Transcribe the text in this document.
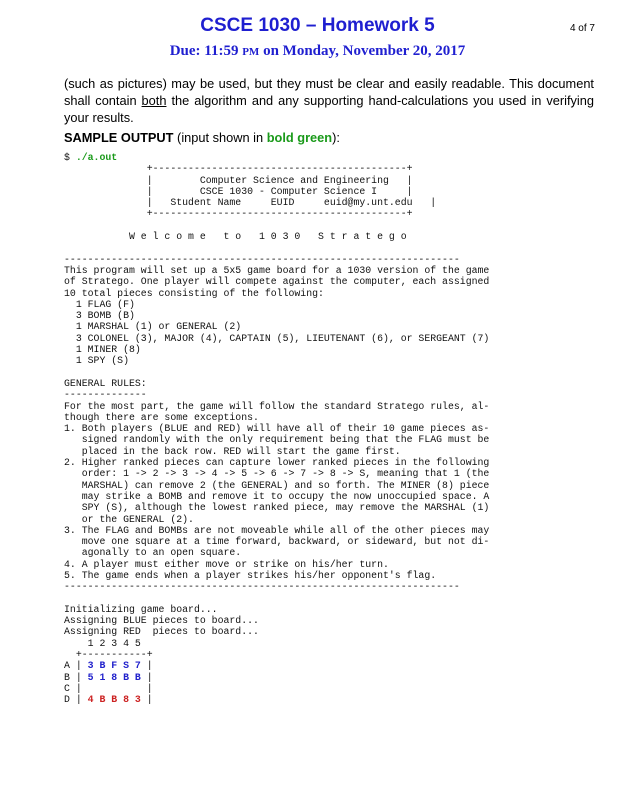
CSCE 1030 – Homework 5	4 of 7
Due: 11:59 PM on Monday, November 20, 2017
(such as pictures) may be used, but they must be clear and easily readable. This document shall contain both the algorithm and any supporting hand-calculations you used in verifying your results.
SAMPLE OUTPUT (input shown in bold green):
$ ./a.out
+-------------------------------------------+
|        Computer Science and Engineering   |
|        CSCE 1030 - Computer Science I     |
|   Student Name     EUID     euid@my.unt.edu   |
+-------------------------------------------+

W e l c o m e   t o   1 0 3 0   S t r a t e g o

-------------------------------------------------------------------
This program will set up a 5x5 game board for a 1030 version of the game
of Stratego. One player will compete against the computer, each assigned
10 total pieces consisting of the following:
1 FLAG (F)
3 BOMB (B)
1 MARSHAL (1) or GENERAL (2)
3 COLONEL (3), MAJOR (4), CAPTAIN (5), LIEUTENANT (6), or SERGEANT (7)
1 MINER (8)
1 SPY (S)

GENERAL RULES:
--------------
For the most part, the game will follow the standard Stratego rules, al-
though there are some exceptions.
1. Both players (BLUE and RED) will have all of their 10 game pieces as-
signed randomly with the only requirement being that the FLAG must be
placed in the back row. RED will start the game first.
2. Higher ranked pieces can capture lower ranked pieces in the following
order: 1 -> 2 -> 3 -> 4 -> 5 -> 6 -> 7 -> 8 -> S, meaning that 1 (the
MARSHAL) can remove 2 (the GENERAL) and so forth. The MINER (8) piece
may strike a BOMB and remove it to occupy the now unoccupied space. A
SPY (S), although the lowest ranked piece, may remove the MARSHAL (1)
or the GENERAL (2).
3. The FLAG and BOMBs are not moveable while all of the other pieces may
move one square at a time forward, backward, or sideward, but not di-
agonally to an open square.
4. A player must either move or strike on his/her turn.
5. The game ends when a player strikes his/her opponent's flag.
-------------------------------------------------------------------

Initializing game board...
Assigning BLUE pieces to board...
Assigning RED  pieces to board...
1 2 3 4 5
+-----------+
A | 3 B F S 7 |
B | 5 1 8 B B |
C |           |
D | 4 B B 8 3 |
